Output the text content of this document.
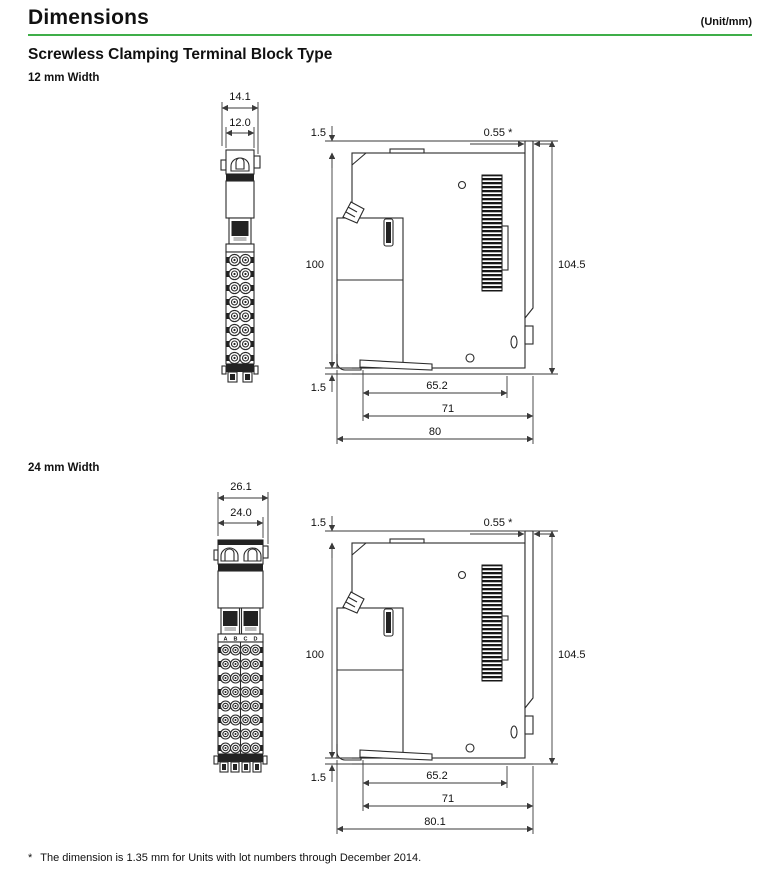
Dimensions	(Unit/mm)
Screwless Clamping Terminal Block Type
12 mm Width
14.1
12.0
1.5
100
1.5
0.55 *
104.5
65.2
71
80
24 mm Width
26.1
24.0
A B C D
1.5
100
1.5
0.55 *
104.5
65.2
71
80.1

* The dimension is 1.35 mm for Units with lot numbers through December 2014.
